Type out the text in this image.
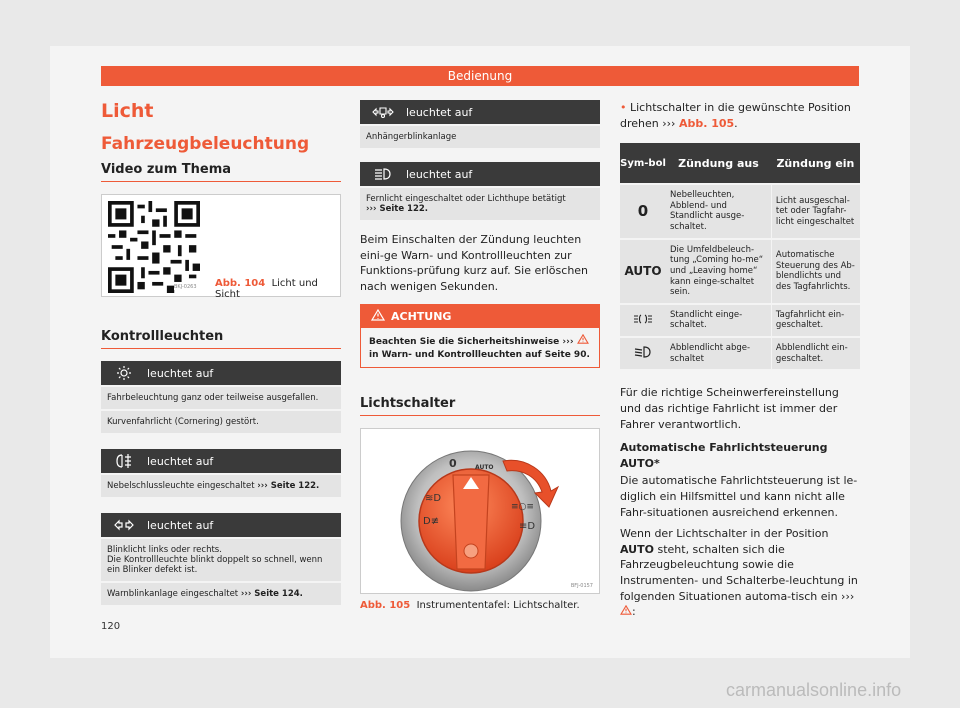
Bedienung
Licht
Fahrzeugbeleuchtung
Video zum Thema
BKJ-0263 Abb. 104 Licht und Sicht
Kontrollleuchten
leuchtet auf
Fahrbeleuchtung ganz oder teilweise ausgefallen.
Kurvenfahrlicht (Cornering) gestört.
leuchtet auf
Nebelschlussleuchte eingeschaltet ››› Seite 122.
leuchtet auf
Blinklicht links oder rechts.
Die Kontrollleuchte blinkt doppelt so schnell, wenn ein Blinker defekt ist.
Warnblinkanlage eingeschaltet ››› Seite 124.
leuchtet auf
Anhängerblinkanlage
leuchtet auf
Fernlicht eingeschaltet oder Lichthupe betätigt
››› Seite 122.

Beim Einschalten der Zündung leuchten eini-ge Warn- und Kontrollleuchten zur Funktions-prüfung kurz auf. Sie erlöschen nach wenigen Sekunden.

ACHTUNG
Beachten Sie die Sicherheitshinweise ›››
in Warn- und Kontrollleuchten auf Seite 90.
Lichtschalter
0	AUTO
≋D
D≢
≡○≡
≡D
BFJ-0157
Abb. 105 Instrumententafel: Lichtschalter.

• Lichtschalter in die gewünschte Position drehen ››› Abb. 105.

Sym-bol	Zündung aus	Zündung ein
0	Nebelleuchten, Abblend- und Standlicht ausge-schaltet.	Licht ausgeschal-tet oder Tagfahr-licht eingeschaltet
AUTO	Die Umfeldbeleuch-tung „Coming ho-me“ und „Leaving home“ kann einge-schaltet sein.	Automatische Steuerung des Ab-blendlichts und des Tagfahrlichts.
	Standlicht einge-schaltet.	Tagfahrlicht ein-geschaltet.
	Abblendlicht abge-schaltet	Abblendlicht ein-geschaltet.

Für die richtige Scheinwerfereinstellung und das richtige Fahrlicht ist immer der Fahrer verantwortlich.

Automatische Fahrlichtsteuerung AUTO*

Die automatische Fahrlichtsteuerung ist le-diglich ein Hilfsmittel und kann nicht alle Fahr-situationen ausreichend erkennen.

Wenn der Lichtschalter in der Position AUTO steht, schalten sich die Fahrzeugbeleuchtung sowie die Instrumenten- und Schalterbe-leuchtung in folgenden Situationen automa-tisch ein ››› :

120
carmanualsonline.info
